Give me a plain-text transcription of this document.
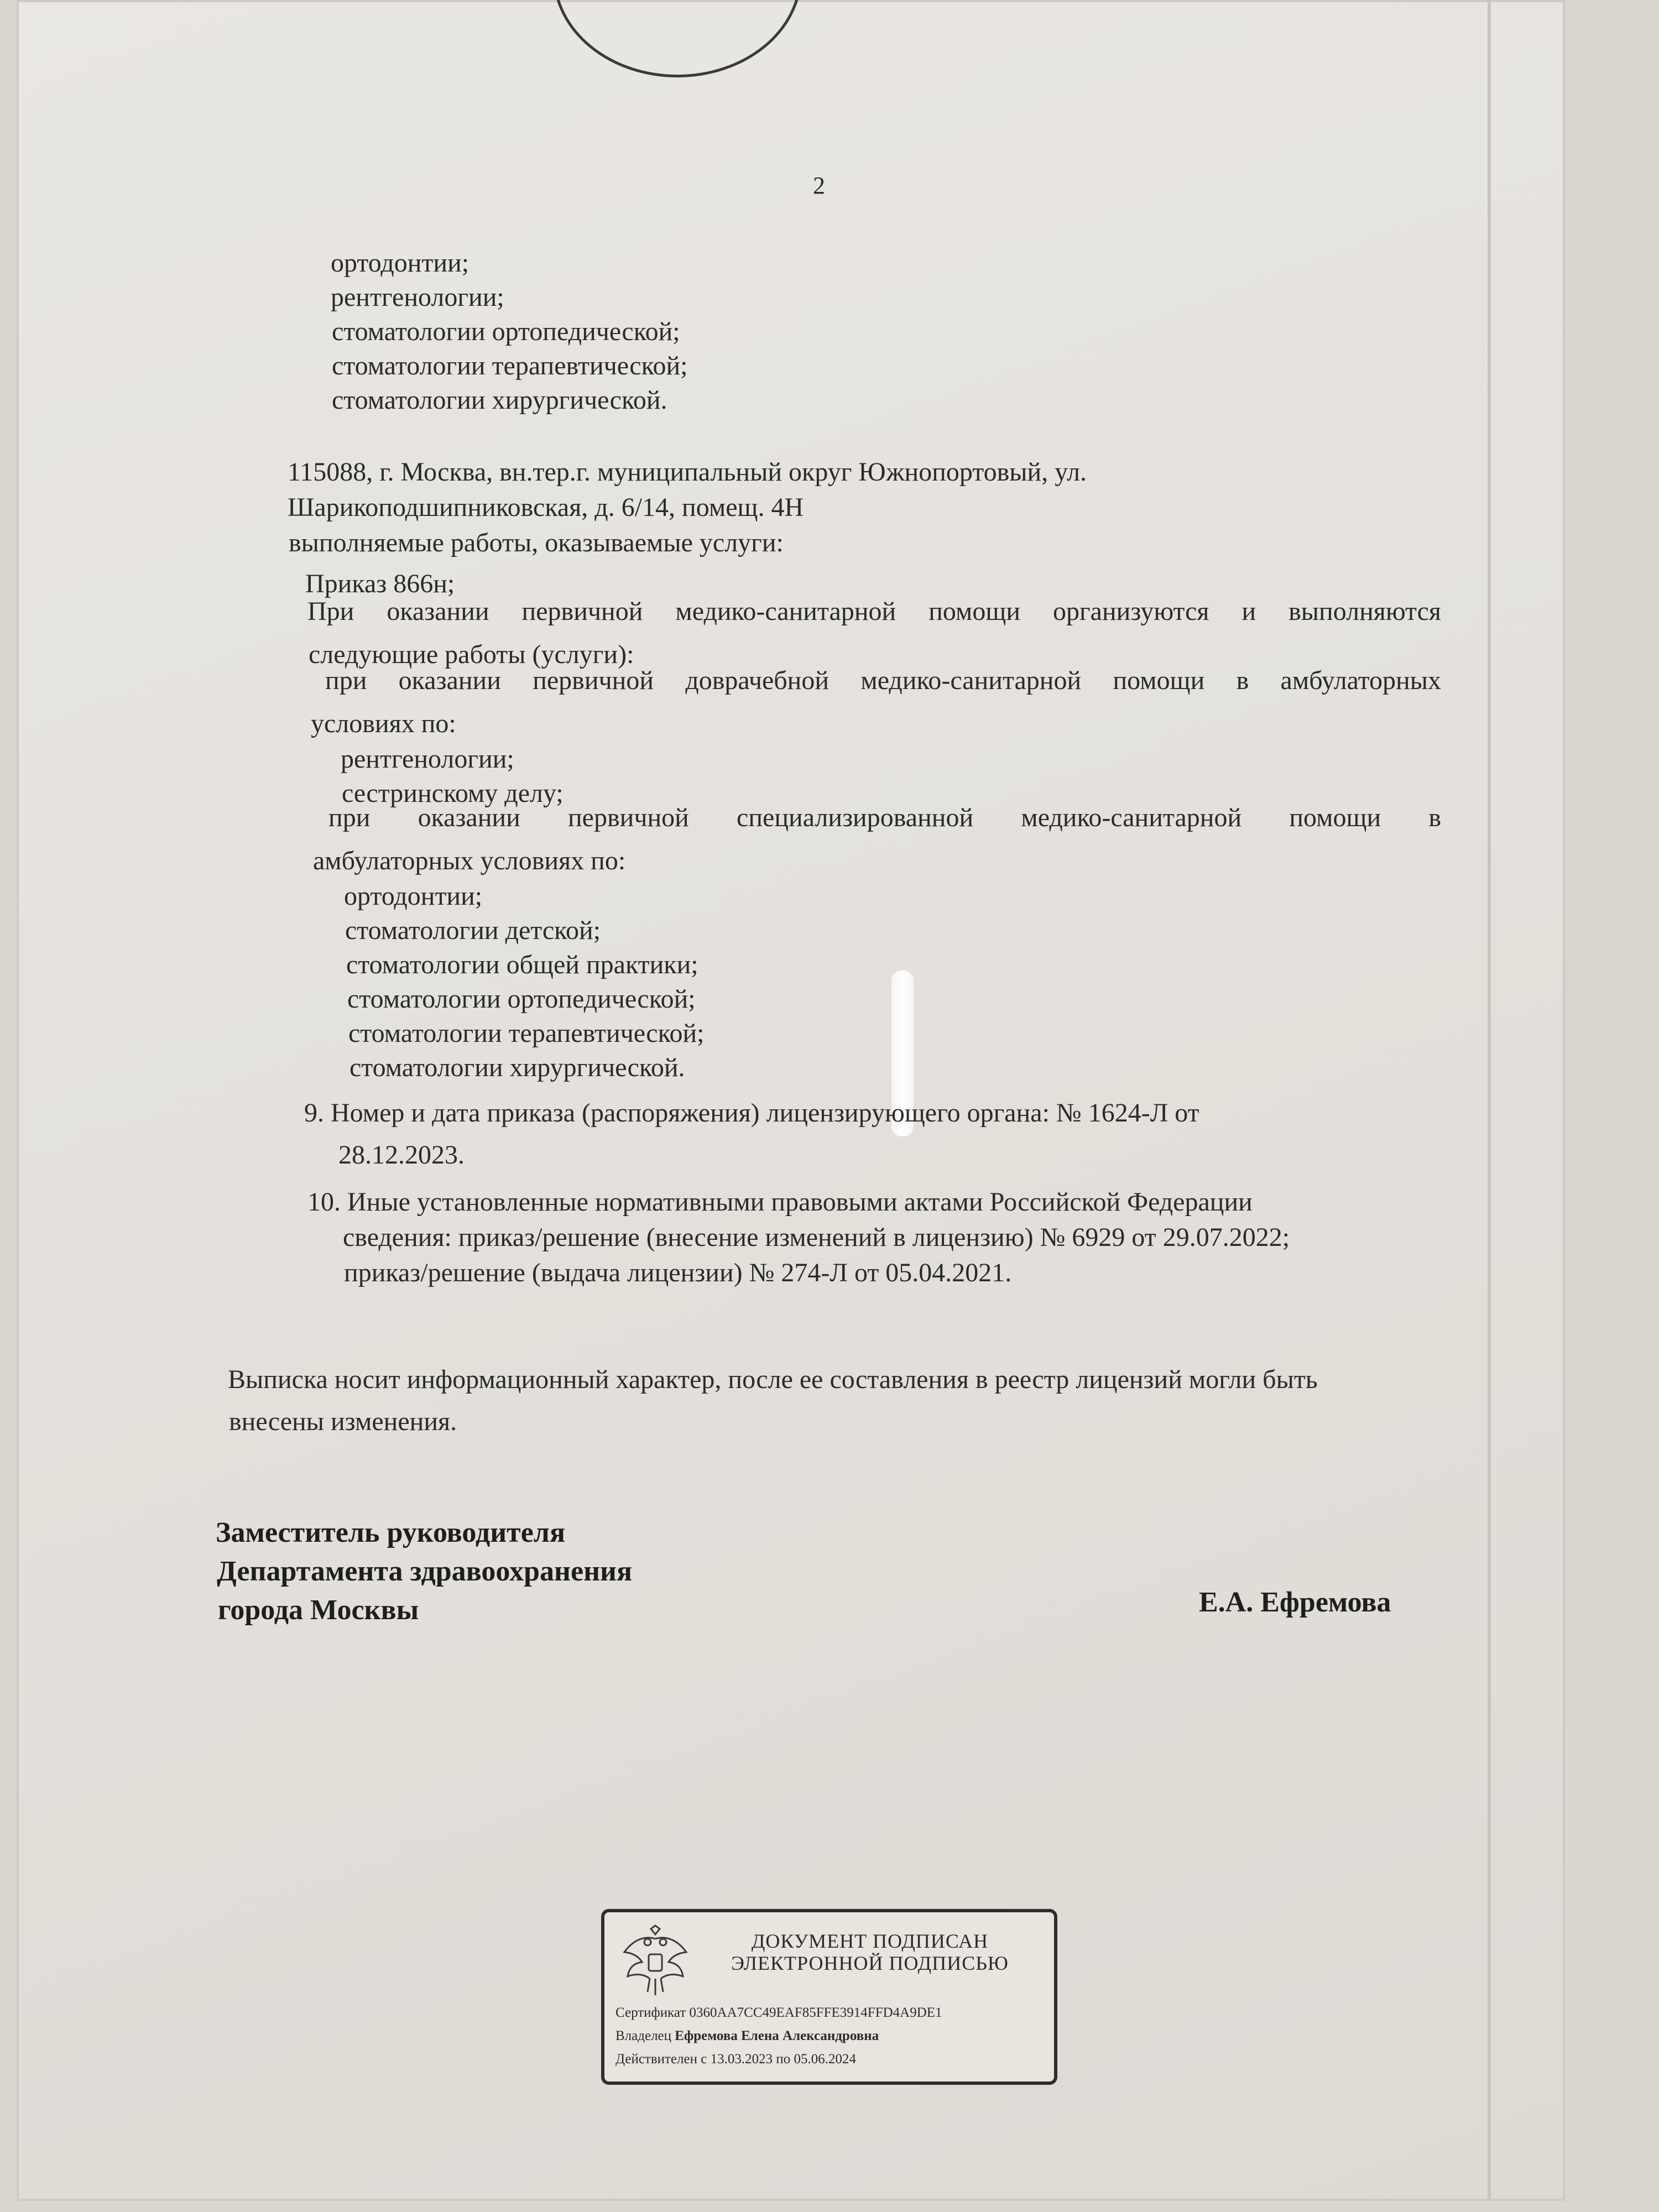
2
ортодонтии;
рентгенологии;
стоматологии ортопедической;
стоматологии терапевтической;
стоматологии хирургической.
115088, г. Москва, вн.тер.г. муниципальный округ Южнопортовый, ул.
Шарикоподшипниковская, д. 6/14, помещ. 4Н
выполняемые работы, оказываемые услуги:
Приказ 866н;
При оказании первичной медико-санитарной помощи организуются и выполняются
следующие работы (услуги):
при оказании первичной доврачебной медико-санитарной помощи в амбулаторных
условиях по:
рентгенологии;
сестринскому делу;
при оказании первичной специализированной медико-санитарной помощи в
амбулаторных условиях по:
ортодонтии;
стоматологии детской;
стоматологии общей практики;
стоматологии ортопедической;
стоматологии терапевтической;
стоматологии хирургической.
9. Номер и дата приказа (распоряжения) лицензирующего органа: № 1624-Л от
28.12.2023.
10. Иные установленные нормативными правовыми актами Российской Федерации
сведения: приказ/решение (внесение изменений в лицензию) № 6929 от 29.07.2022;
приказ/решение (выдача лицензии) № 274-Л от 05.04.2021.
Выписка носит информационный характер, после ее составления в реестр лицензий могли быть
внесены изменения.
Заместитель руководителя
Департамента здравоохранения
города Москвы	Е.А. Ефремова
ДОКУМЕНТ ПОДПИСАН
ЭЛЕКТРОННОЙ ПОДПИСЬЮ
Сертификат 0360AA7CC49EAF85FFE3914FFD4A9DE1
Владелец Ефремова Елена Александровна
Действителен с 13.03.2023 по 05.06.2024
